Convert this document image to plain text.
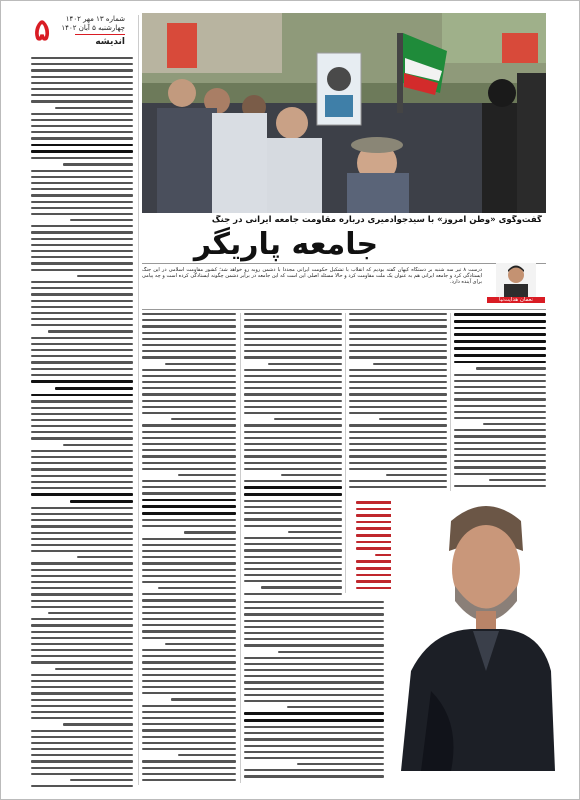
۵	شماره ۱۳ مهر ۱۴۰۲
چهارشنبه ۵ آبان ۱۴۰۲
اندیشه
گفت‌وگوی «وطن امروز» با سیدجوادمیری درباره مقاومت جامعه ایرانی در جنگ
جامعه پاریگر
نعمان هدایت‌نیا
درست ۸ تیر سه شنبه بر دستگاه کیهان گفته بودیم که انقلاب با تشکیل حکومت ایرانی مجدداً با دشمن روبه رو خواهد شد؛ کشور مقاومت اسلامی در این جنگ ایستادگی کرد و جامعه ایرانی هم به عنوان یک ملت مقاومت کرد و حالا مسئله اصلی این است که این جامعه در برابر دشمن چگونه ایستادگی کرده است و چه پیامی برای آینده دارد.
